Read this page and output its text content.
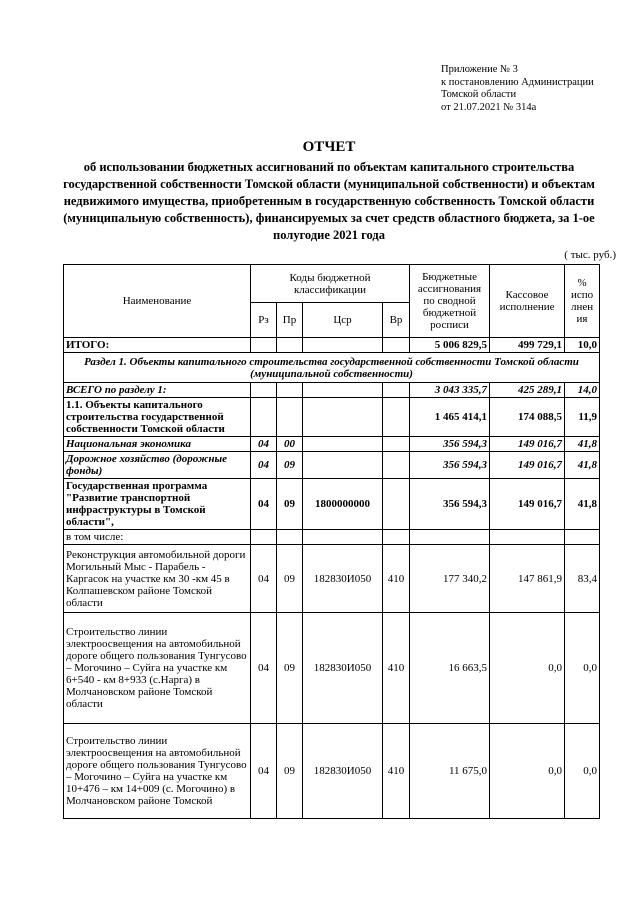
Приложение № 3
к постановлению Администрации
Томской области
от 21.07.2021 № 314а
ОТЧЕТ
об использовании бюджетных ассигнований по объектам капитального строительства государственной собственности Томской области (муниципальной собственности) и объектам недвижимого имущества, приобретенным в государственную собственность Томской области (муниципальную собственность), финансируемых за счет средств областного бюджета, за 1-ое полугодие 2021 года
( тыс. руб.)
Наименование	Коды бюджетной классификации				Бюджетные ассигнования по сводной бюджетной росписи	Кассовое исполнение	% испо лнен ия
	Рз	Пр	Цср	Вр			
ИТОГО:					5 006 829,5	499 729,1	10,0
Раздел 1. Объекты капитального строительства государственной собственности Томской области (муниципальной собственности)							
ВСЕГО по разделу 1:					3 043 335,7	425 289,1	14,0
1.1. Объекты капитального строительства государственной собственности Томской области					1 465 414,1	174 088,5	11,9
Национальная экономика	04	00			356 594,3	149 016,7	41,8
Дорожное хозяйство (дорожные фонды)	04	09			356 594,3	149 016,7	41,8
Государственная программа "Развитие транспортной инфраструктуры в Томской области",	04	09	1800000000		356 594,3	149 016,7	41,8
в том числе:							
Реконструкция автомобильной дороги Могильный Мыс - Парабель - Каргасок на участке км 30 -км 45 в Колпашевском районе Томской области	04	09	182830И050	410	177 340,2	147 861,9	83,4
Строительство линии электроосвещения на автомобильной дороге общего пользования Тунгусово – Могочино – Суйга на участке км 6+540 - км 8+933 (с.Нарга) в Молчановском районе Томской области	04	09	182830И050	410	16 663,5	0,0	0,0
Строительство линии электроосвещения на автомобильной дороге общего пользования Тунгусово – Могочино – Суйга на участке км 10+476 – км 14+009 (с. Могочино) в Молчановском районе Томской	04	09	182830И050	410	11 675,0	0,0	0,0
